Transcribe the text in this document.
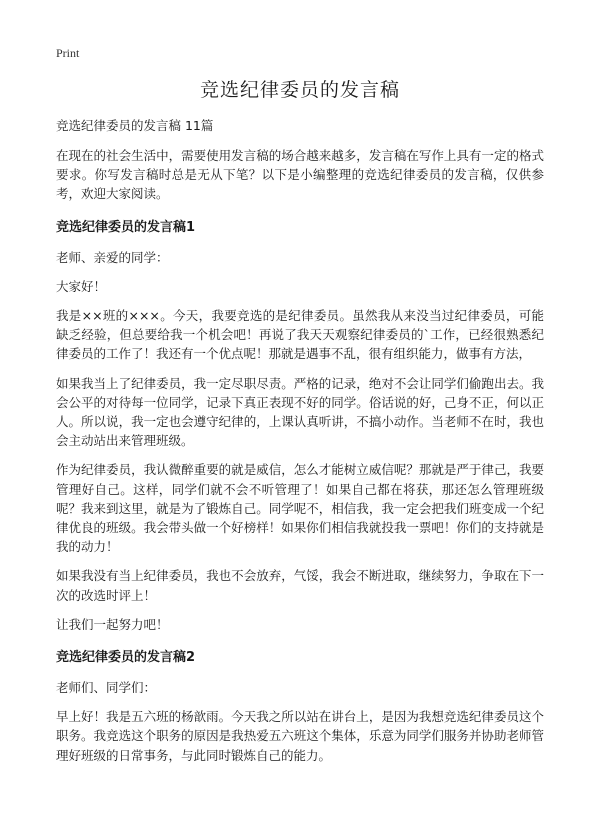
Print
竞选纪律委员的发言稿
竞选纪律委员的发言稿 11篇

在现在的社会生活中，需要使用发言稿的场合越来越多，发言稿在写作上具有一定的格式要求。你写发言稿时总是无从下笔？以下是小编整理的竞选纪律委员的发言稿，仅供参考，欢迎大家阅读。

竞选纪律委员的发言稿1

老师、亲爱的同学：

大家好！

我是××班的×××。今天，我要竞选的是纪律委员。虽然我从来没当过纪律委员，可能缺乏经验，但总要给我一个机会吧！再说了我天天观察纪律委员的`工作，已经很熟悉纪律委员的工作了！我还有一个优点呢！那就是遇事不乱，很有组织能力，做事有方法，

如果我当上了纪律委员，我一定尽职尽责。严格的记录，绝对不会让同学们偷跑出去。我会公平的对待每一位同学，记录下真正表现不好的同学。俗话说的好，己身不正，何以正人。所以说，我一定也会遵守纪律的，上课认真听讲，不搞小动作。当老师不在时，我也会主动站出来管理班级。

作为纪律委员，我认微醉重要的就是威信，怎么才能树立威信呢？那就是严于律己，我要管理好自己。这样，同学们就不会不听管理了！如果自己都在将获，那还怎么管理班级呢？我来到这里，就是为了锻炼自己。同学呢不，相信我，我一定会把我们班变成一个纪律优良的班级。我会带头做一个好榜样！如果你们相信我就投我一票吧！你们的支持就是我的动力！

如果我没有当上纪律委员，我也不会放弃，气馁，我会不断进取，继续努力，争取在下一次的改选时评上！

让我们一起努力吧！

竞选纪律委员的发言稿2

老师们、同学们：

早上好！我是五六班的杨歆雨。今天我之所以站在讲台上，是因为我想竞选纪律委员这个职务。我竞选这个职务的原因是我热爱五六班这个集体，乐意为同学们服务并协助老师管理好班级的日常事务，与此同时锻炼自己的能力。
